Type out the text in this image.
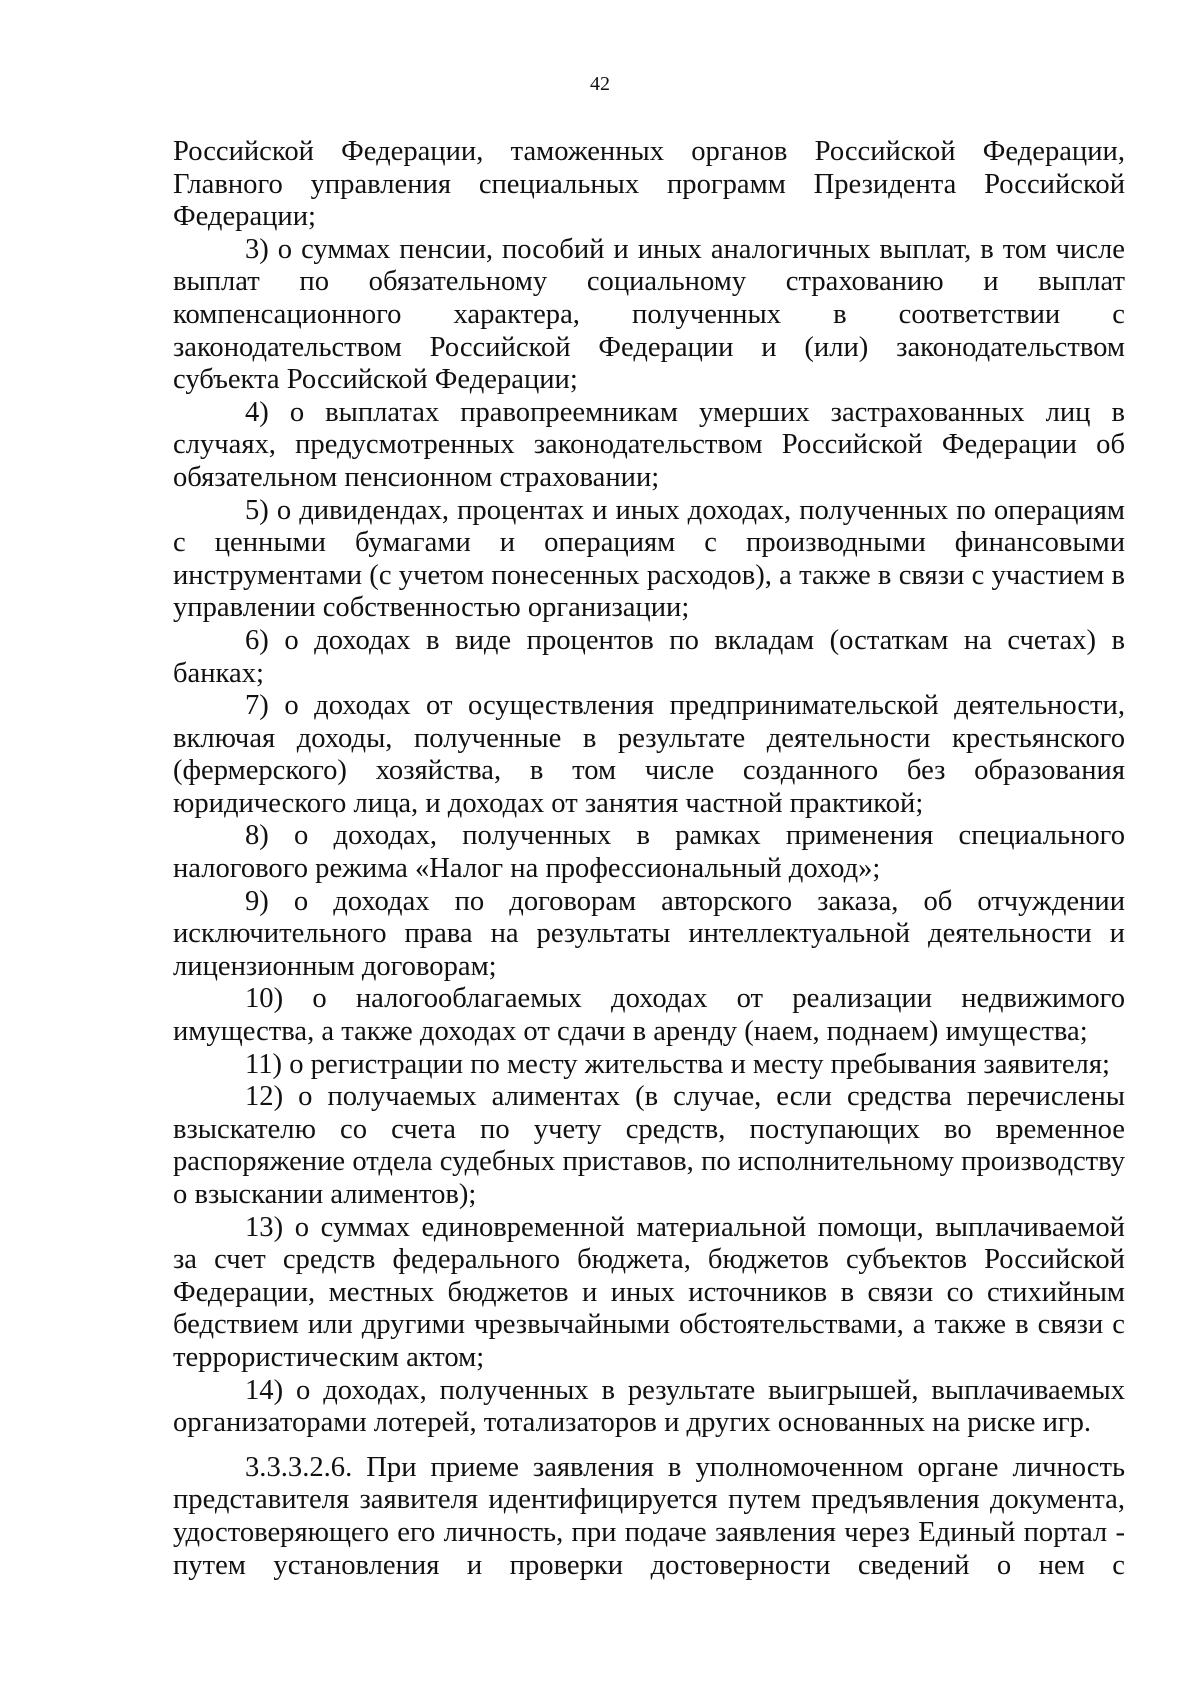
42

Российской Федерации, таможенных органов Российской Федерации, Главного управления специальных программ Президента Российской Федерации;

3) о суммах пенсии, пособий и иных аналогичных выплат, в том числе выплат по обязательному социальному страхованию и выплат компенсационного характера, полученных в соответствии с законодательством Российской Федерации и (или) законодательством субъекта Российской Федерации;

4) о выплатах правопреемникам умерших застрахованных лиц в случаях, предусмотренных законодательством Российской Федерации об обязательном пенсионном страховании;

5) о дивидендах, процентах и иных доходах, полученных по операциям с ценными бумагами и операциям с производными финансовыми инструментами (с учетом понесенных расходов), а также в связи с участием в управлении собственностью организации;

6) о доходах в виде процентов по вкладам (остаткам на счетах) в банках;

7) о доходах от осуществления предпринимательской деятельности, включая доходы, полученные в результате деятельности крестьянского (фермерского) хозяйства, в том числе созданного без образования юридического лица, и доходах от занятия частной практикой;

8) о доходах, полученных в рамках применения специального налогового режима «Налог на профессиональный доход»;

9) о доходах по договорам авторского заказа, об отчуждении исключительного права на результаты интеллектуальной деятельности и лицензионным договорам;

10) о налогооблагаемых доходах от реализации недвижимого имущества, а также доходах от сдачи в аренду (наем, поднаем) имущества;

11) о регистрации по месту жительства и месту пребывания заявителя;

12) о получаемых алиментах (в случае, если средства перечислены взыскателю со счета по учету средств, поступающих во временное распоряжение отдела судебных приставов, по исполнительному производству о взыскании алиментов);

13) о суммах единовременной материальной помощи, выплачиваемой за счет средств федерального бюджета, бюджетов субъектов Российской Федерации, местных бюджетов и иных источников в связи со стихийным бедствием или другими чрезвычайными обстоятельствами, а также в связи с террористическим актом;

14) о доходах, полученных в результате выигрышей, выплачиваемых организаторами лотерей, тотализаторов и других основанных на риске игр.

3.3.3.2.6. При приеме заявления в уполномоченном органе личность представителя заявителя идентифицируется путем предъявления документа, удостоверяющего его личность, при подаче заявления через Единый портал - путем установления и проверки достоверности сведений о нем с
